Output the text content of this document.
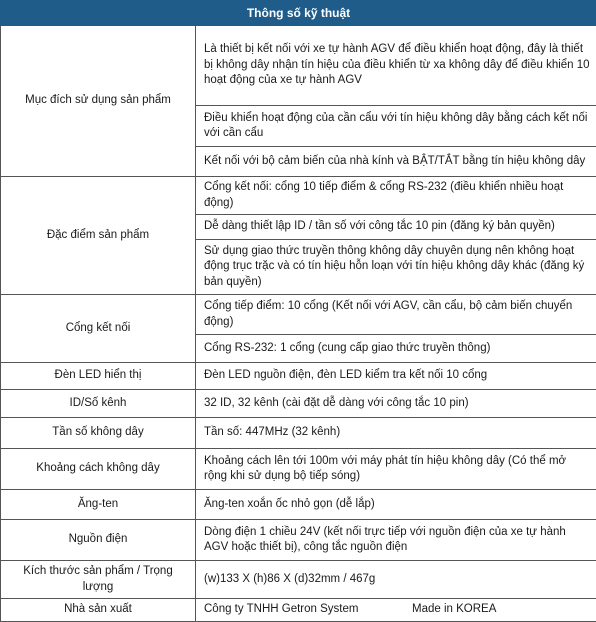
Thông số kỹ thuật	
Mục đích sử dụng sản phẩm	Là thiết bị kết nối với xe tự hành AGV để điều khiển hoạt động, đây là thiết bị không dây nhận tín hiệu của điều khiển từ xa không dây để điều khiển 10 hoạt động của xe tự hành AGV
	Điều khiển hoạt động của cần cẩu với tín hiệu không dây bằng cách kết nối với cần cẩu
	Kết nối với bộ cảm biến của nhà kính và BẬT/TẮT bằng tín hiệu không dây
Đặc điểm sản phẩm	Cổng kết nối: cổng 10 tiếp điểm & cổng RS-232 (điều khiển nhiều hoạt động)
	Dễ dàng thiết lập ID / tần số với công tắc 10 pin (đăng ký bản quyền)
	Sử dụng giao thức truyền thông không dây chuyên dụng nên không hoạt động trục trặc và có tín hiệu hỗn loạn với tín hiệu không dây khác (đăng ký bản quyền)
Cổng kết nối	Cổng tiếp điểm: 10 cổng (Kết nối với AGV, cần cẩu, bộ cảm biến chuyển động)
	Cổng RS-232: 1 cổng (cung cấp giao thức truyền thông)
Đèn LED hiển thị	Đèn LED nguồn điện, đèn LED kiểm tra kết nối 10 cổng
ID/Số kênh	32 ID, 32 kênh (cài đặt dễ dàng với công tắc 10 pin)
Tần số không dây	Tần số: 447MHz (32 kênh)
Khoảng cách không dây	Khoảng cách lên tới 100m với máy phát tín hiệu không dây (Có thể mở rộng khi sử dụng bộ tiếp sóng)
Ăng-ten	Ăng-ten xoắn ốc nhỏ gọn (dễ lắp)
Nguồn điện	Dòng điện 1 chiều 24V (kết nối trực tiếp với nguồn điện của xe tự hành AGV hoặc thiết bị), công tắc nguồn điện
Kích thước sản phẩm / Trọng lượng	(w)133 X (h)86 X (d)32mm / 467g
Nhà sản xuất	Công ty TNHH Getron System Made in KOREA
